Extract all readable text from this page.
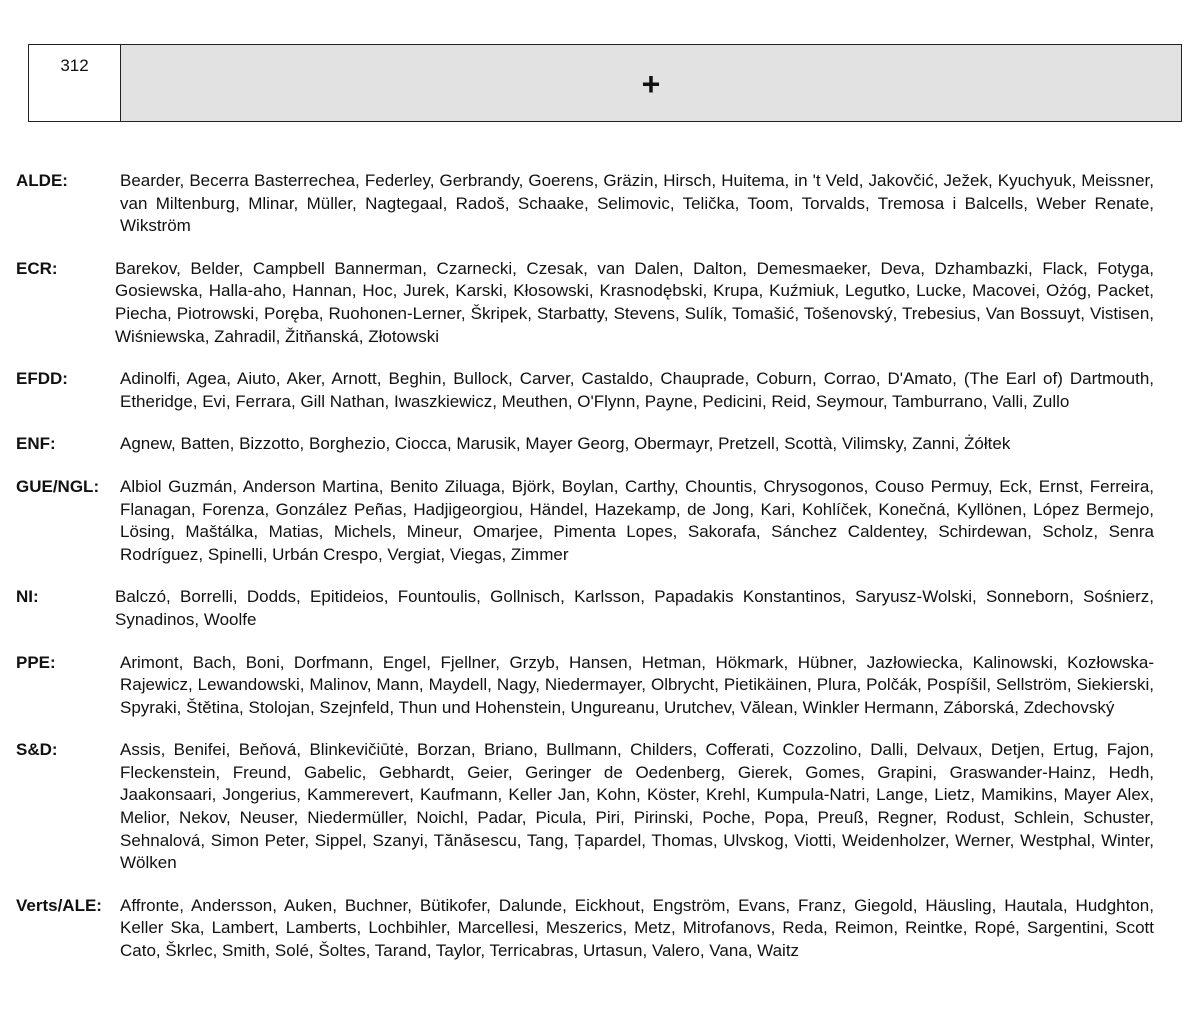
312	+
ALDE:	Bearder, Becerra Basterrechea, Federley, Gerbrandy, Goerens, Gräzin, Hirsch, Huitema, in 't Veld, Jakovčić, Ježek, Kyuchyuk, Meissner, van Miltenburg, Mlinar, Müller, Nagtegaal, Radoš, Schaake, Selimovic, Telička, Toom, Torvalds, Tremosa i Balcells, Weber Renate, Wikström
ECR:	Barekov, Belder, Campbell Bannerman, Czarnecki, Czesak, van Dalen, Dalton, Demesmaeker, Deva, Dzhambazki, Flack, Fotyga, Gosiewska, Halla-aho, Hannan, Hoc, Jurek, Karski, Kłosowski, Krasnodębski, Krupa, Kuźmiuk, Legutko, Lucke, Macovei, Ożóg, Packet, Piecha, Piotrowski, Poręba, Ruohonen-Lerner, Škripek, Starbatty, Stevens, Sulík, Tomašić, Tošenovský, Trebesius, Van Bossuyt, Vistisen, Wiśniewska, Zahradil, Žitňanská, Złotowski
EFDD:	Adinolfi, Agea, Aiuto, Aker, Arnott, Beghin, Bullock, Carver, Castaldo, Chauprade, Coburn, Corrao, D'Amato, (The Earl of) Dartmouth, Etheridge, Evi, Ferrara, Gill Nathan, Iwaszkiewicz, Meuthen, O'Flynn, Payne, Pedicini, Reid, Seymour, Tamburrano, Valli, Zullo
ENF:	Agnew, Batten, Bizzotto, Borghezio, Ciocca, Marusik, Mayer Georg, Obermayr, Pretzell, Scottà, Vilimsky, Zanni, Żółtek
GUE/NGL:	Albiol Guzmán, Anderson Martina, Benito Ziluaga, Björk, Boylan, Carthy, Chountis, Chrysogonos, Couso Permuy, Eck, Ernst, Ferreira, Flanagan, Forenza, González Peñas, Hadjigeorgiou, Händel, Hazekamp, de Jong, Kari, Kohlíček, Konečná, Kyllönen, López Bermejo, Lösing, Maštálka, Matias, Michels, Mineur, Omarjee, Pimenta Lopes, Sakorafa, Sánchez Caldentey, Schirdewan, Scholz, Senra Rodríguez, Spinelli, Urbán Crespo, Vergiat, Viegas, Zimmer
NI:	Balczó, Borrelli, Dodds, Epitideios, Fountoulis, Gollnisch, Karlsson, Papadakis Konstantinos, Saryusz-Wolski, Sonneborn, Sośnierz, Synadinos, Woolfe
PPE:	Arimont, Bach, Boni, Dorfmann, Engel, Fjellner, Grzyb, Hansen, Hetman, Hökmark, Hübner, Jazłowiecka, Kalinowski, Kozłowska-Rajewicz, Lewandowski, Malinov, Mann, Maydell, Nagy, Niedermayer, Olbrycht, Pietikäinen, Plura, Polčák, Pospíšil, Sellström, Siekierski, Spyraki, Štětina, Stolojan, Szejnfeld, Thun und Hohenstein, Ungureanu, Urutchev, Vălean, Winkler Hermann, Záborská, Zdechovský
S&D:	Assis, Benifei, Beňová, Blinkevičiūtė, Borzan, Briano, Bullmann, Childers, Cofferati, Cozzolino, Dalli, Delvaux, Detjen, Ertug, Fajon, Fleckenstein, Freund, Gabelic, Gebhardt, Geier, Geringer de Oedenberg, Gierek, Gomes, Grapini, Graswander-Hainz, Hedh, Jaakonsaari, Jongerius, Kammerevert, Kaufmann, Keller Jan, Kohn, Köster, Krehl, Kumpula-Natri, Lange, Lietz, Mamikins, Mayer Alex, Melior, Nekov, Neuser, Niedermüller, Noichl, Padar, Picula, Piri, Pirinski, Poche, Popa, Preuß, Regner, Rodust, Schlein, Schuster, Sehnalová, Simon Peter, Sippel, Szanyi, Tănăsescu, Tang, Țapardel, Thomas, Ulvskog, Viotti, Weidenholzer, Werner, Westphal, Winter, Wölken
Verts/ALE:	Affronte, Andersson, Auken, Buchner, Bütikofer, Dalunde, Eickhout, Engström, Evans, Franz, Giegold, Häusling, Hautala, Hudghton, Keller Ska, Lambert, Lamberts, Lochbihler, Marcellesi, Meszerics, Metz, Mitrofanovs, Reda, Reimon, Reintke, Ropé, Sargentini, Scott Cato, Škrlec, Smith, Solé, Šoltes, Tarand, Taylor, Terricabras, Urtasun, Valero, Vana, Waitz
